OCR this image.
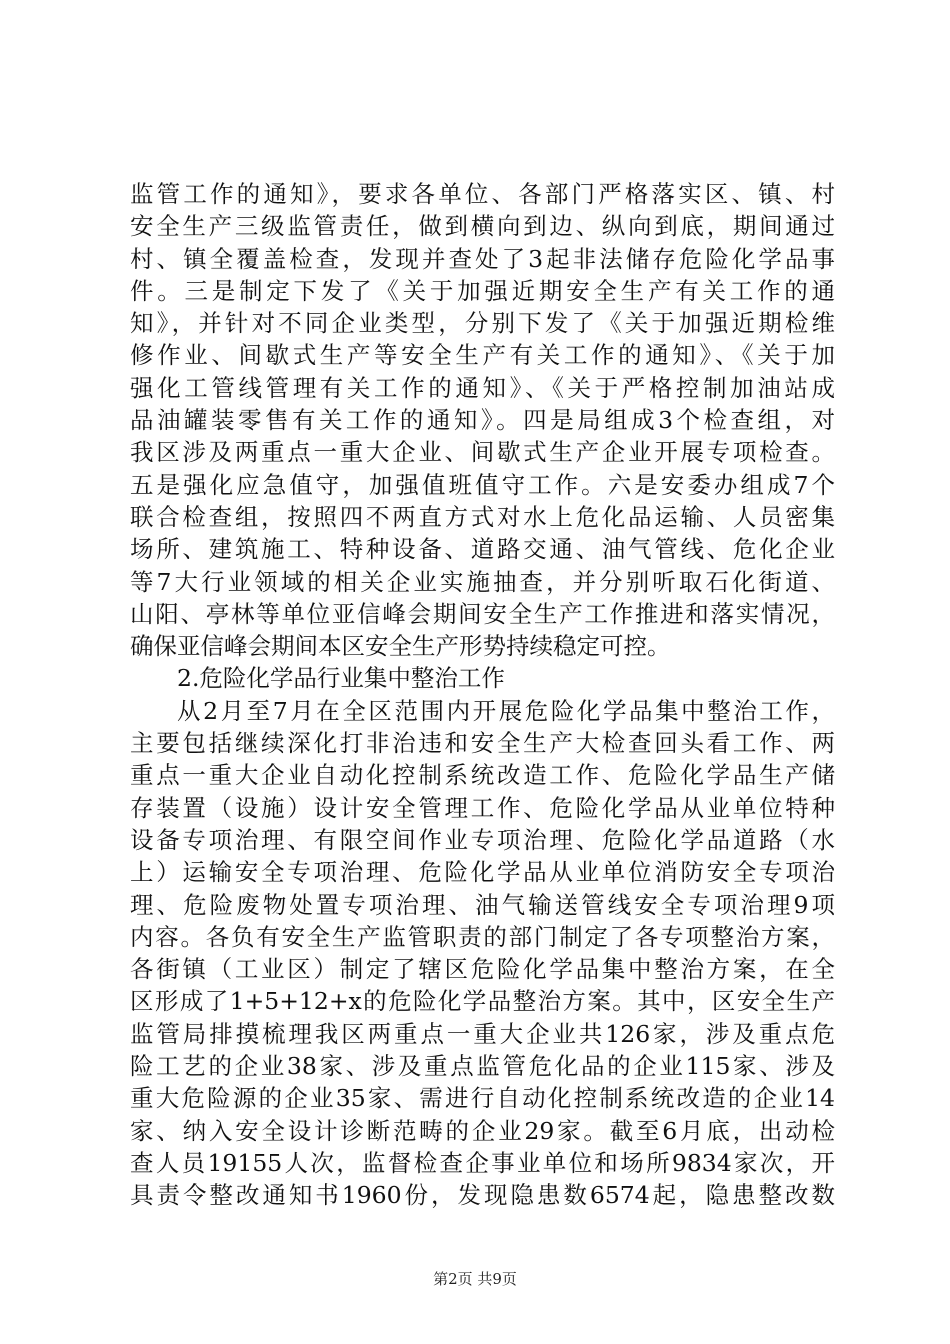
监管工作的通知》，要求各单位、各部门严格落实区、镇、村
安全生产三级监管责任，做到横向到边、纵向到底，期间通过
村、镇全覆盖检查，发现并查处了3起非法储存危险化学品事
件。三是制定下发了《关于加强近期安全生产有关工作的通
知》，并针对不同企业类型，分别下发了《关于加强近期检维
修作业、间歇式生产等安全生产有关工作的通知》、《关于加
强化工管线管理有关工作的通知》、《关于严格控制加油站成
品油罐装零售有关工作的通知》。四是局组成3个检查组，对
我区涉及两重点一重大企业、间歇式生产企业开展专项检查。
五是强化应急值守，加强值班值守工作。六是安委办组成7个
联合检查组，按照四不两直方式对水上危化品运输、人员密集
场所、建筑施工、特种设备、道路交通、油气管线、危化企业
等7大行业领域的相关企业实施抽查，并分别听取石化街道、
山阳、亭林等单位亚信峰会期间安全生产工作推进和落实情况，
确保亚信峰会期间本区安全生产形势持续稳定可控。
2.危险化学品行业集中整治工作
从2月至7月在全区范围内开展危险化学品集中整治工作，
主要包括继续深化打非治违和安全生产大检查回头看工作、两
重点一重大企业自动化控制系统改造工作、危险化学品生产储
存装置（设施）设计安全管理工作、危险化学品从业单位特种
设备专项治理、有限空间作业专项治理、危险化学品道路（水
上）运输安全专项治理、危险化学品从业单位消防安全专项治
理、危险废物处置专项治理、油气输送管线安全专项治理9项
内容。各负有安全生产监管职责的部门制定了各专项整治方案，
各街镇（工业区）制定了辖区危险化学品集中整治方案，在全
区形成了1+5+12+x的危险化学品整治方案。其中，区安全生产
监管局排摸梳理我区两重点一重大企业共126家，涉及重点危
险工艺的企业38家、涉及重点监管危化品的企业115家、涉及
重大危险源的企业35家、需进行自动化控制系统改造的企业14
家、纳入安全设计诊断范畴的企业29家。截至6月底，出动检
查人员19155人次，监督检查企事业单位和场所9834家次，开
具责令整改通知书1960份，发现隐患数6574起，隐患整改数
第2页 共9页
